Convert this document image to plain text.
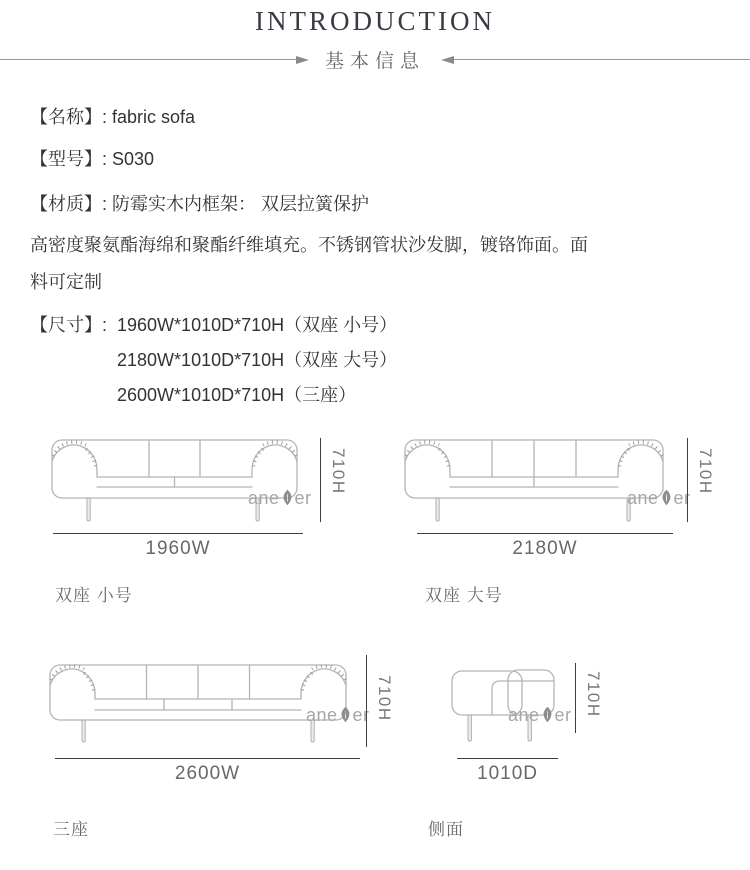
INTRODUCTION
基本信息

【名称】: fabric sofa

【型号】: S030

【材质】: 防霉实木内框架： 双层拉簧保护

高密度聚氨酯海绵和聚酯纤维填充。不锈钢管状沙发脚，镀铬饰面。面
料可定制

【尺寸】: 1960W*1010D*710H（双座 小号）
2180W*1010D*710H（双座 大号）
2600W*1010D*710H（三座）
ane er
710H
1960W
双座 小号
ane er
710H
2180W
双座 大号
ane er 710H
2600W
三座
ane er 710H
1010D
侧面
